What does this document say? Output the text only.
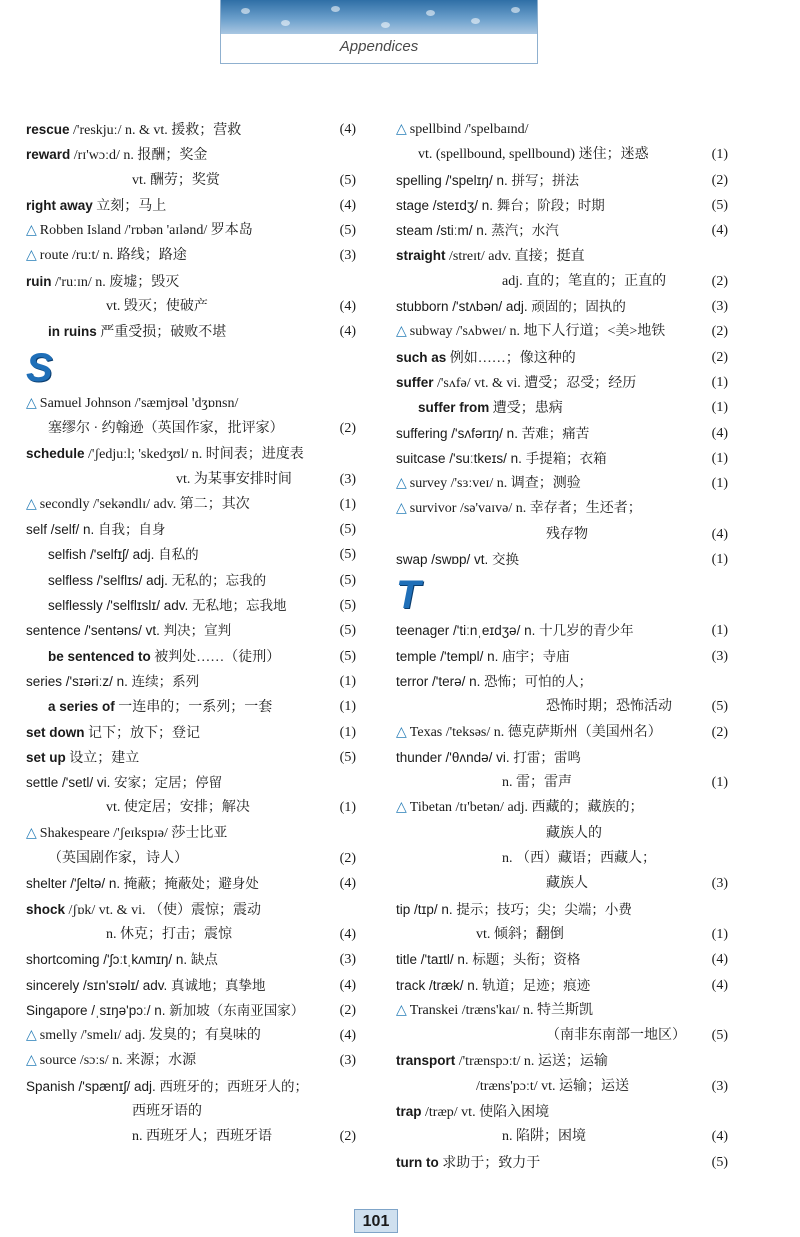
Appendices
rescue /'reskjuː/ n. & vt. 援救；营救	(4)
reward /rɪ'wɔːd/ n. 报酬；奖金
vt. 酬劳；奖赏	(5)
right away 立刻；马上	(4)
△ Robben Island /'rɒbən 'aɪlənd/ 罗本岛	(5)
△ route /ruːt/ n. 路线；路途	(3)
ruin /'ruːɪn/ n. 废墟；毁灭
vt. 毁灭；使破产	(4)
in ruins 严重受损；破败不堪	(4)
S
△ Samuel Johnson /'sæmjʊəl 'dʒɒnsn/
塞缪尔 · 约翰逊（英国作家，批评家）	(2)
schedule /'ʃedjuːl; 'skedʒʊl/ n. 时间表；进度表
vt. 为某事安排时间	(3)
△ secondly /'sekəndlɪ/ adv. 第二；其次	(1)
self /self/ n. 自我；自身	(5)
selfish /'selfɪʃ/ adj. 自私的	(5)
selfless /'selflɪs/ adj. 无私的；忘我的	(5)
selflessly /'selflɪslɪ/ adv. 无私地；忘我地	(5)
sentence /'sentəns/ vt. 判决；宣判	(5)
be sentenced to 被判处……（徒刑）	(5)
series /'sɪəriːz/ n. 连续；系列	(1)
a series of 一连串的；一系列；一套	(1)
set down 记下；放下；登记	(1)
set up 设立；建立	(5)
settle /'setl/ vi. 安家；定居；停留
vt. 使定居；安排；解决	(1)
△ Shakespeare /'ʃeɪkspɪə/ 莎士比亚
（英国剧作家，诗人）	(2)
shelter /'ʃeltə/ n. 掩蔽；掩蔽处；避身处	(4)
shock /ʃɒk/ vt. & vi. （使）震惊；震动
n. 休克；打击；震惊	(4)
shortcoming /'ʃɔːtˌkʌmɪŋ/ n. 缺点	(3)
sincerely /sɪn'sɪəlɪ/ adv. 真诚地；真挚地	(4)
Singapore /ˌsɪŋə'pɔː/ n. 新加坡（东南亚国家）	(2)
△ smelly /'smelɪ/ adj. 发臭的；有臭味的	(4)
△ source /sɔːs/ n. 来源；水源	(3)
Spanish /'spænɪʃ/ adj. 西班牙的；西班牙人的；
西班牙语的
n. 西班牙人；西班牙语	(2)
△ spellbind /'spelbaɪnd/
vt. (spellbound, spellbound) 迷住；迷惑	(1)
spelling /'spelɪŋ/ n. 拼写；拼法	(2)
stage /steɪdʒ/ n. 舞台；阶段；时期	(5)
steam /stiːm/ n. 蒸汽；水汽	(4)
straight /streɪt/ adv. 直接；挺直
adj. 直的；笔直的；正直的	(2)
stubborn /'stʌbən/ adj. 顽固的；固执的	(3)
△ subway /'sʌbweɪ/ n. 地下人行道；<美>地铁	(2)
such as 例如……；像这种的	(2)
suffer /'sʌfə/ vt. & vi. 遭受；忍受；经历	(1)
suffer from 遭受；患病	(1)
suffering /'sʌfərɪŋ/ n. 苦难；痛苦	(4)
suitcase /'suːtkeɪs/ n. 手提箱；衣箱	(1)
△ survey /'sɜːveɪ/ n. 调查；测验	(1)
△ survivor /sə'vaɪvə/ n. 幸存者；生还者；
残存物	(4)
swap /swɒp/ vt. 交换	(1)
T
teenager /'tiːnˌeɪdʒə/ n. 十几岁的青少年	(1)
temple /'templ/ n. 庙宇；寺庙	(3)
terror /'terə/ n. 恐怖；可怕的人；
恐怖时期；恐怖活动	(5)
△ Texas /'teksəs/ n. 德克萨斯州（美国州名）	(2)
thunder /'θʌndə/ vi. 打雷；雷鸣
n. 雷；雷声	(1)
△ Tibetan /tɪ'betən/ adj. 西藏的；藏族的；
藏族人的
n. （西）藏语；西藏人；
藏族人	(3)
tip /tɪp/ n. 提示；技巧；尖；尖端；小费
vt. 倾斜；翻倒	(1)
title /'taɪtl/ n. 标题；头衔；资格	(4)
track /træk/ n. 轨道；足迹；痕迹	(4)
△ Transkei /træns'kaɪ/ n. 特兰斯凯
（南非东南部一地区） (5)
transport /'trænspɔːt/ n. 运送；运输
/træns'pɔːt/ vt. 运输；运送	(3)
trap /træp/ vt. 使陷入困境
n. 陷阱；困境	(4)
turn to 求助于；致力于	(5)
101
